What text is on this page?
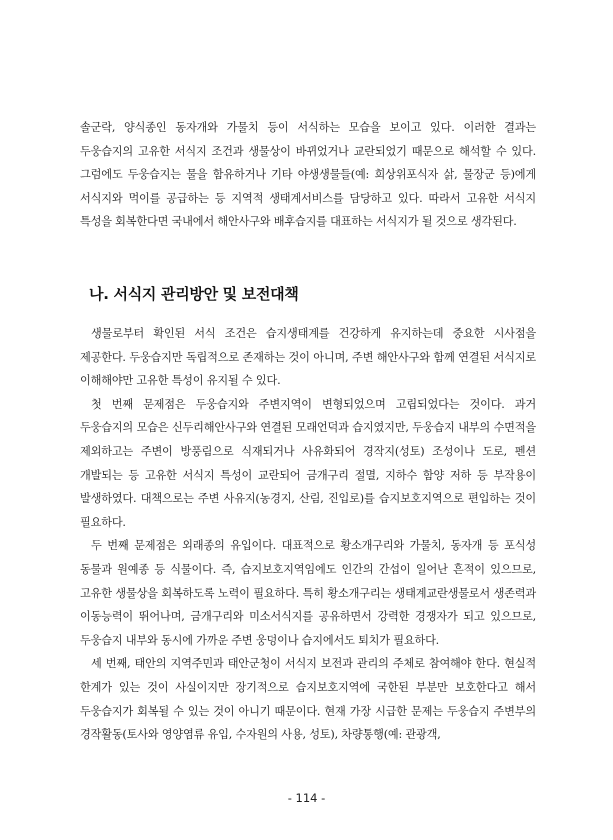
솔군락, 양식종인 동자개와 가물치 등이 서식하는 모습을 보이고 있다. 이러한 결과는 두웅습지의 고유한 서식지 조건과 생물상이 바뀌었거나 교란되었기 때문으로 해석할 수 있다. 그럼에도 두웅습지는 물을 함유하거나 기타 야생생물들(예: 희상위포식자 삵, 물장군 등)에게 서식지와 먹이를 공급하는 등 지역적 생태계서비스를 담당하고 있다. 따라서 고유한 서식지 특성을 회복한다면 국내에서 해안사구와 배후습지를 대표하는 서식지가 될 것으로 생각된다.

나. 서식지 관리방안 및 보전대책

생물로부터 확인된 서식 조건은 습지생태계를 건강하게 유지하는데 중요한 시사점을 제공한다. 두웅습지만 독립적으로 존재하는 것이 아니며, 주변 해안사구와 함께 연결된 서식지로 이해해야만 고유한 특성이 유지될 수 있다.

첫 번째 문제점은 두웅습지와 주변지역이 변형되었으며 고립되었다는 것이다. 과거 두웅습지의 모습은 신두리해안사구와 연결된 모래언덕과 습지였지만, 두웅습지 내부의 수면적을 제외하고는 주변이 방풍림으로 식재되거나 사유화되어 경작지(성토) 조성이나 도로, 펜션 개발되는 등 고유한 서식지 특성이 교란되어 금개구리 절멸, 지하수 함양 저하 등 부작용이 발생하였다. 대책으로는 주변 사유지(농경지, 산림, 진입로)를 습지보호지역으로 편입하는 것이 필요하다.

두 번째 문제점은 외래종의 유입이다. 대표적으로 황소개구리와 가물치, 동자개 등 포식성 동물과 원예종 등 식물이다. 즉, 습지보호지역임에도 인간의 간섭이 일어난 흔적이 있으므로, 고유한 생물상을 회복하도록 노력이 필요하다. 특히 황소개구리는 생태계교란생물로서 생존력과 이동능력이 뛰어나며, 금개구리와 미소서식지를 공유하면서 강력한 경쟁자가 되고 있으므로, 두웅습지 내부와 동시에 가까운 주변 웅덩이나 습지에서도 퇴치가 필요하다.

세 번째, 태안의 지역주민과 태안군청이 서식지 보전과 관리의 주체로 참여해야 한다. 현실적 한계가 있는 것이 사실이지만 장기적으로 습지보호지역에 국한된 부분만 보호한다고 해서 두웅습지가 회복될 수 있는 것이 아니기 때문이다. 현재 가장 시급한 문제는 두웅습지 주변부의 경작활동(토사와 영양염류 유입, 수자원의 사용, 성토), 차량통행(예: 관광객,

- 114 -
